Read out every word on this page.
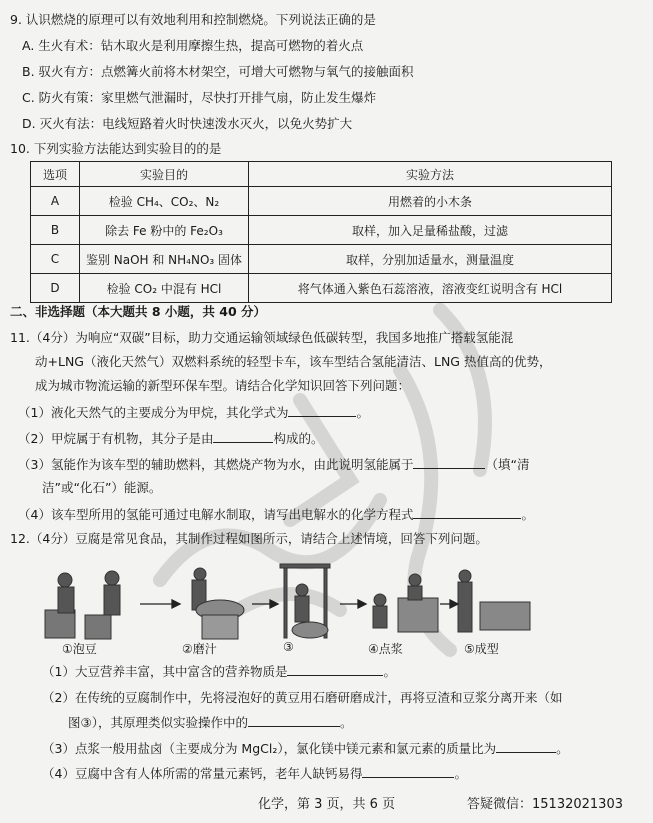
9. 认识燃烧的原理可以有效地利用和控制燃烧。下列说法正确的是
A. 生火有术：钻木取火是利用摩擦生热，提高可燃物的着火点
B. 驭火有方：点燃篝火前将木材架空，可增大可燃物与氧气的接触面积
C. 防火有策：家里燃气泄漏时，尽快打开排气扇，防止发生爆炸
D. 灭火有法：电线短路着火时快速泼水灭火，以免火势扩大
10. 下列实验方法能达到实验目的的是
选项	实验目的	实验方法
A	检验 CH₄、CO₂、N₂	用燃着的小木条
B	除去 Fe 粉中的 Fe₂O₃	取样，加入足量稀盐酸，过滤
C	鉴别 NaOH 和 NH₄NO₃ 固体	取样，分别加适量水，测量温度
D	检验 CO₂ 中混有 HCl	将气体通入紫色石蕊溶液，溶液变红说明含有 HCl
二、非选择题（本大题共 8 小题，共 40 分）
11.（4分）为响应“双碳”目标，助力交通运输领域绿色低碳转型，我国多地推广搭载氢能混
动+LNG（液化天然气）双燃料系统的轻型卡车，该车型结合氢能清洁、LNG 热值高的优势，
成为城市物流运输的新型环保车型。请结合化学知识回答下列问题：
（1）液化天然气的主要成分为甲烷，其化学式为	。
（2）甲烷属于有机物，其分子是由	构成的。
（3）氢能作为该车型的辅助燃料，其燃烧产物为水，由此说明氢能属于	（填“清
洁”或“化石”）能源。
（4）该车型所用的氢能可通过电解水制取，请写出电解水的化学方程式	。
12.（4分）豆腐是常见食品，其制作过程如图所示，请结合上述情境，回答下列问题。
①泡豆	②磨汁	③	④点浆	⑤成型
（1）大豆营养丰富，其中富含的营养物质是	。
（2）在传统的豆腐制作中，先将浸泡好的黄豆用石磨研磨成汁，再将豆渣和豆浆分离开来（如
图③），其原理类似实验操作中的	。
（3）点浆一般用盐卤（主要成分为 MgCl₂），氯化镁中镁元素和氯元素的质量比为	。
（4）豆腐中含有人体所需的常量元素钙，老年人缺钙易得	。
化学，第 3 页，共 6 页	答疑微信：15132021303
